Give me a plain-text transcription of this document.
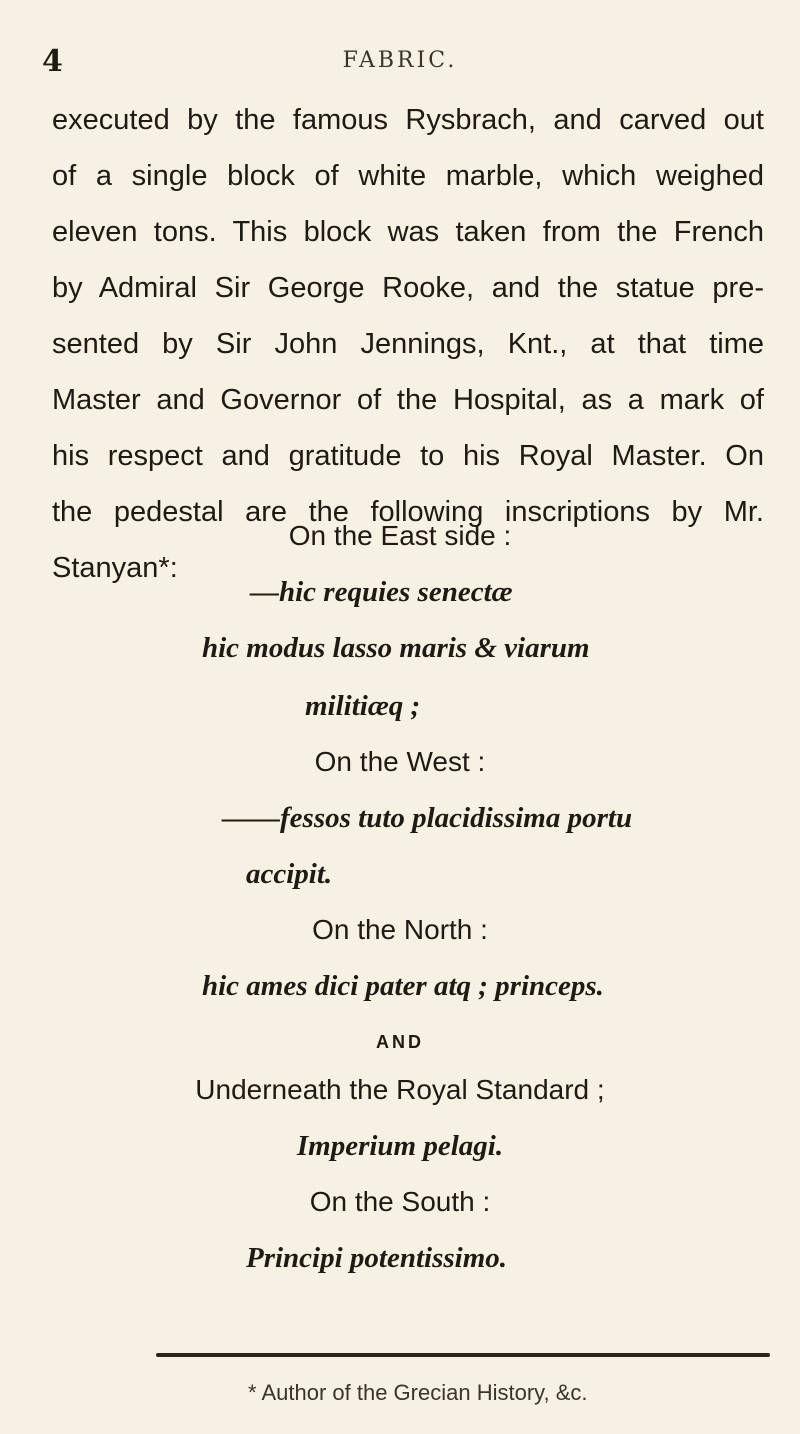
4	FABRIC.
executed by the famous Rysbrach, and carved out
of a single block of white marble, which weighed
eleven tons. This block was taken from the French
by Admiral Sir George Rooke, and the statue pre-
sented by Sir John Jennings, Knt., at that time
Master and Governor of the Hospital, as a mark of
his respect and gratitude to his Royal Master. On
the pedestal are the following inscriptions by Mr.
Stanyan*:
On the East side :
—hic requies senectæ
hic modus lasso maris & viarum
militiæq ;
On the West :
——fessos tuto placidissima portu
accipit.
On the North :
hic ames dici pater atq ; princeps.
AND
Underneath the Royal Standard ;
Imperium pelagi.
On the South :
Principi potentissimo.
* Author of the Grecian History, &c.
